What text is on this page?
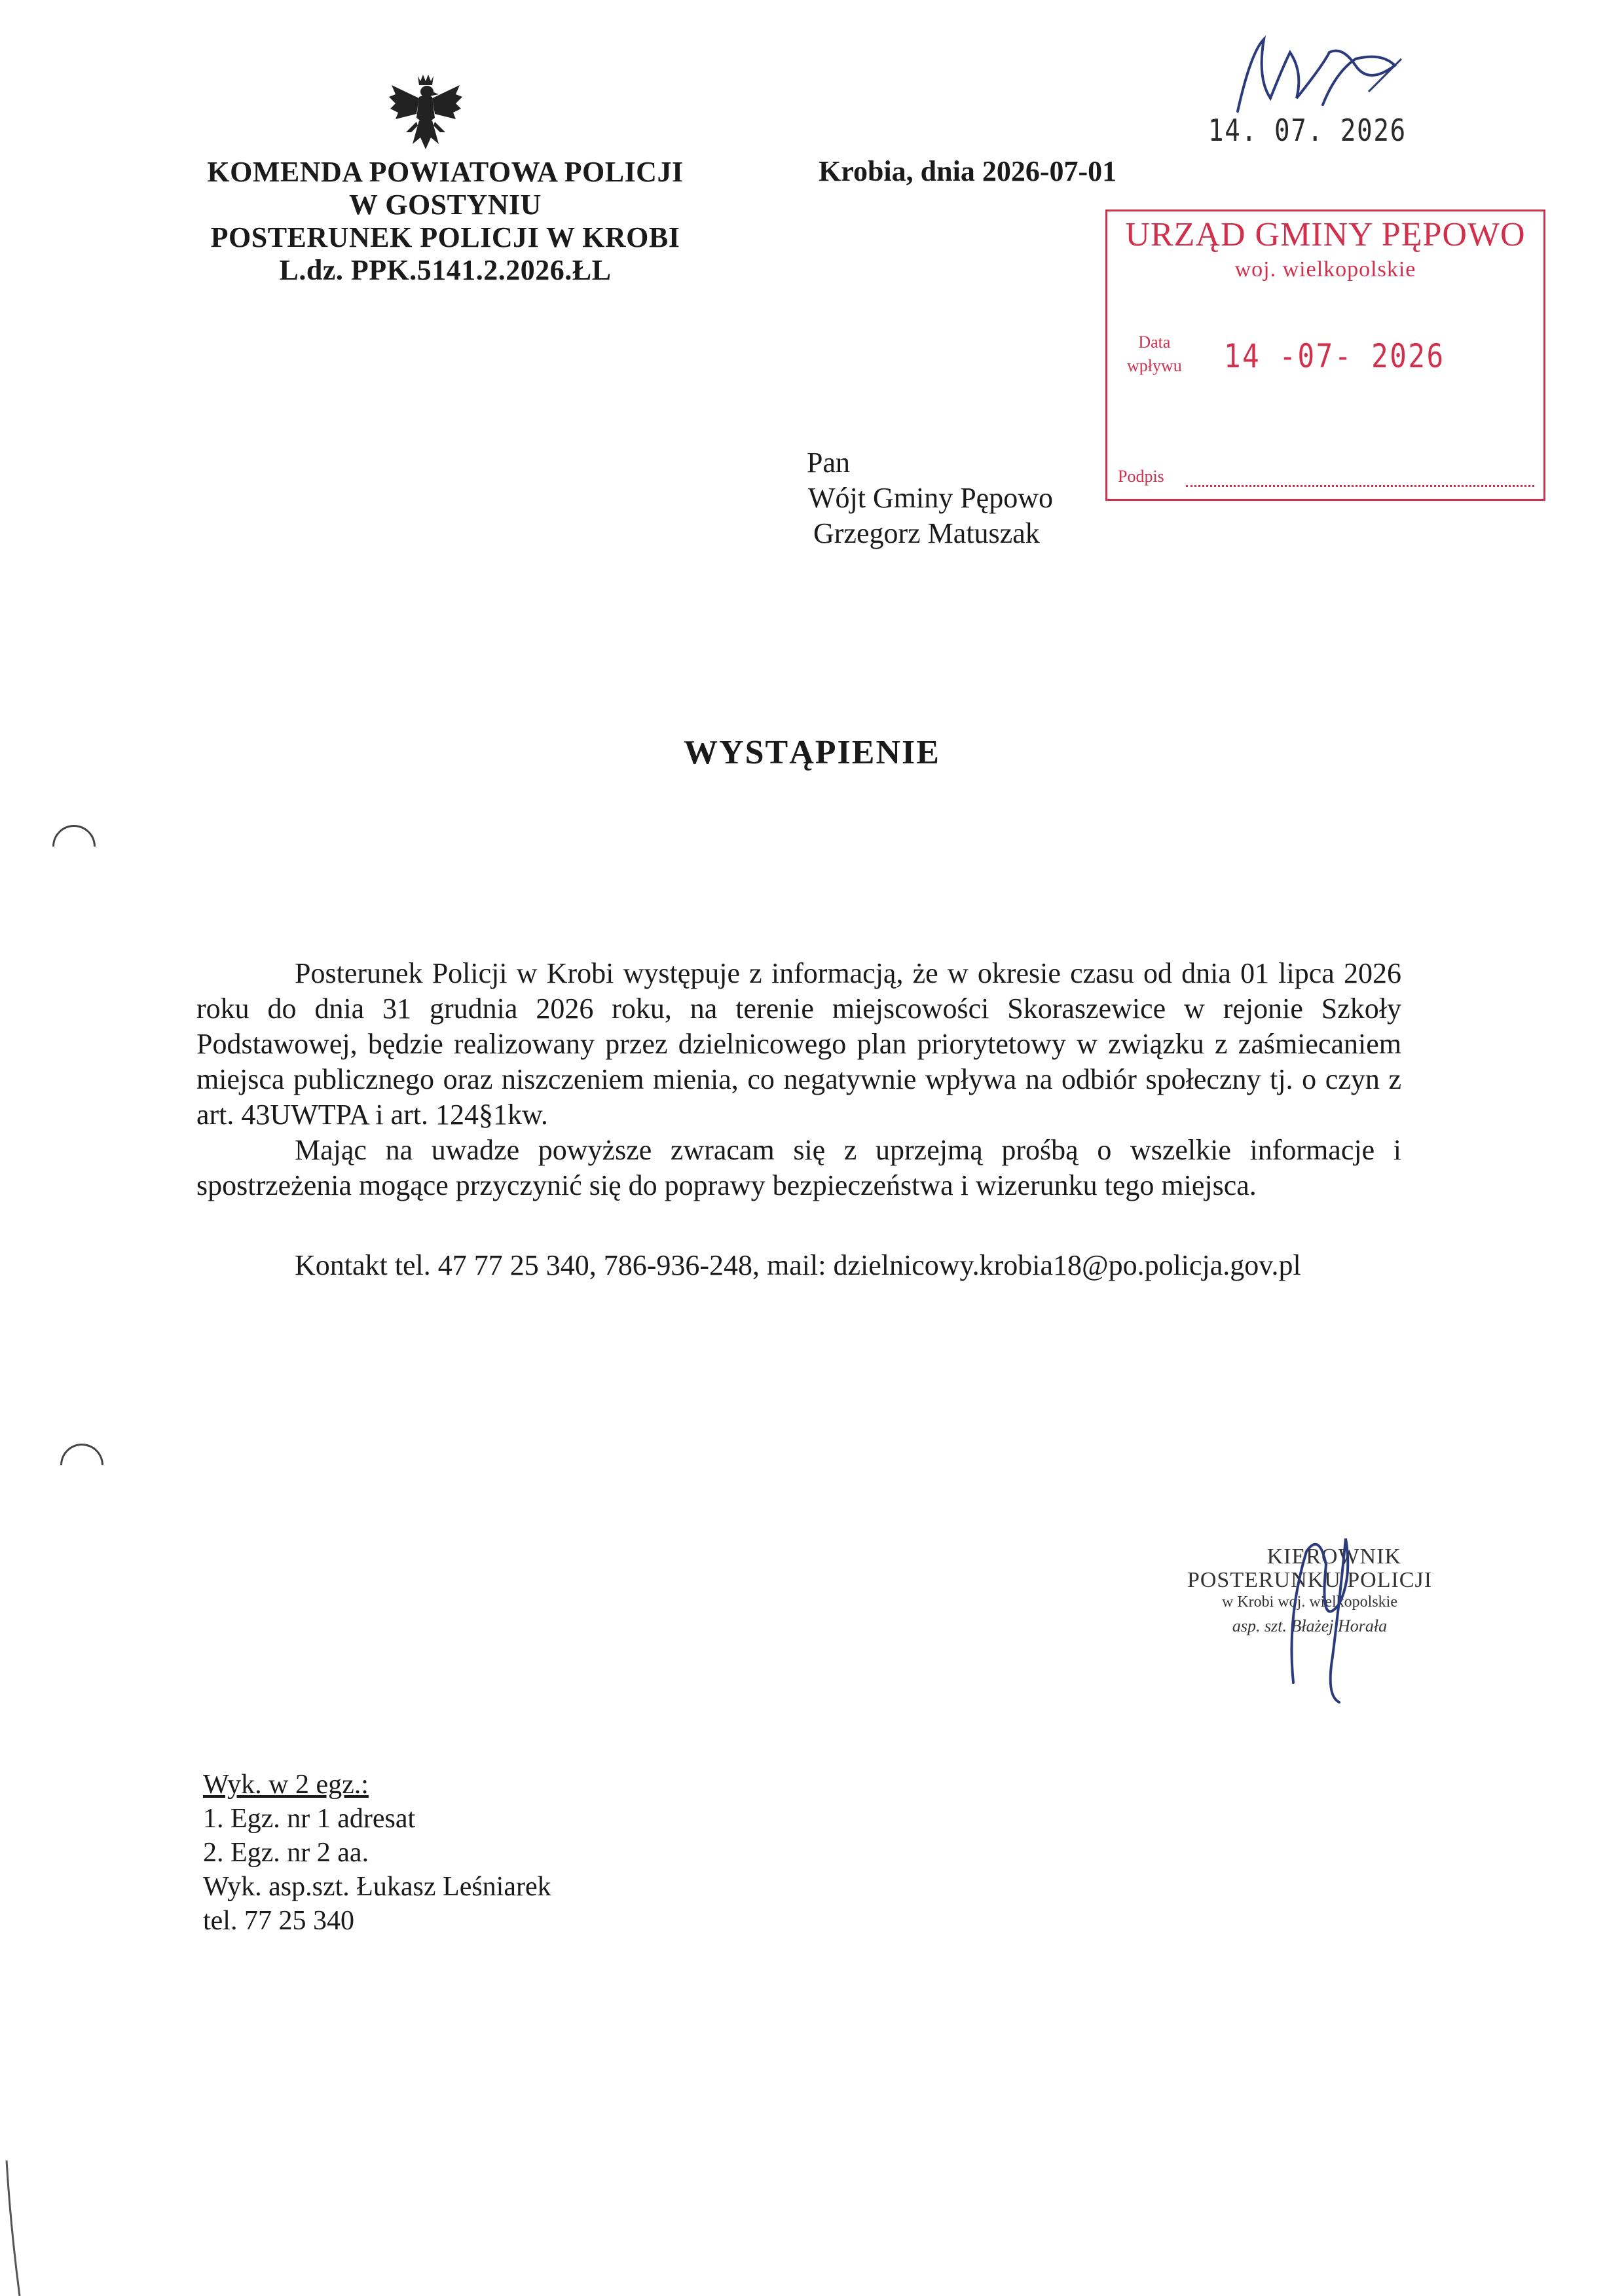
KOMENDA POWIATOWA POLICJI
W GOSTYNIU
POSTERUNEK POLICJI W KROBI
L.dz. PPK.5141.2.2026.ŁL
Krobia, dnia 2026-07-01
14. 07. 2026
URZĄD GMINY PĘPOWO
woj. wielkopolskie
Data
wpływu 14 -07- 2026
Podpis
Pan
Wójt Gminy Pępowo
Grzegorz Matuszak
WYSTĄPIENIE

Posterunek Policji w Krobi występuje z informacją, że w okresie czasu od dnia 01 lipca 2026 roku do dnia 31 grudnia 2026 roku, na terenie miejscowości Skoraszewice w rejonie Szkoły Podstawowej, będzie realizowany przez dzielnicowego plan priorytetowy w związku z zaśmiecaniem miejsca publicznego oraz niszczeniem mienia, co negatywnie wpływa na odbiór społeczny tj. o czyn z art. 43UWTPA i art. 124§1kw.

Mając na uwadze powyższe zwracam się z uprzejmą prośbą o wszelkie informacje i spostrzeżenia mogące przyczynić się do poprawy bezpieczeństwa i wizerunku tego miejsca.

Kontakt tel. 47 77 25 340, 786-936-248, mail: dzielnicowy.krobia18@po.policja.gov.pl
KIEROWNIK
POSTERUNKU POLICJI
w Krobi woj. wielkopolskie
asp. szt. Błażej Horała
Wyk. w 2 egz.:
1. Egz. nr 1 adresat
2. Egz. nr 2 aa.
Wyk. asp.szt. Łukasz Leśniarek
tel. 77 25 340
